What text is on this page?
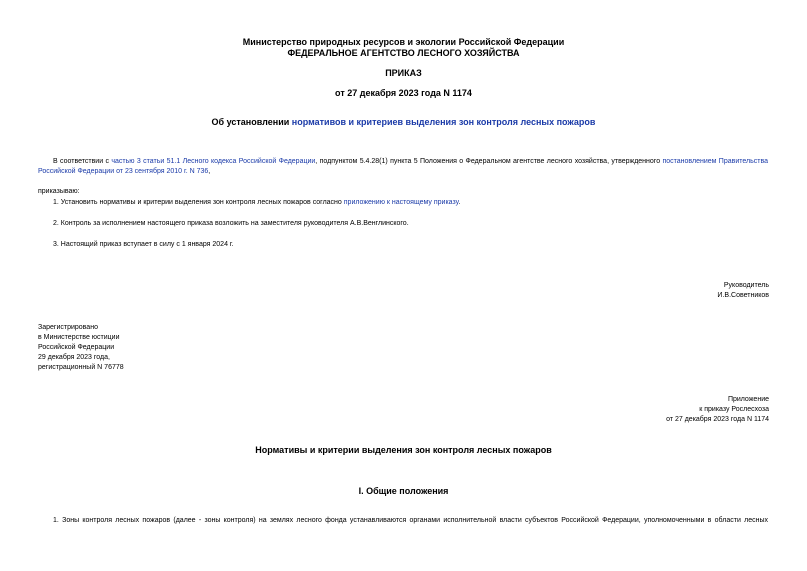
Министерство природных ресурсов и экологии Российской Федерации
ФЕДЕРАЛЬНОЕ АГЕНТСТВО ЛЕСНОГО ХОЗЯЙСТВА
ПРИКАЗ
от 27 декабря 2023 года N 1174
Об установлении нормативов и критериев выделения зон контроля лесных пожаров
В соответствии с частью 3 статьи 51.1 Лесного кодекса Российской Федерации, подпунктом 5.4.28(1) пункта 5 Положения о Федеральном агентстве лесного хозяйства, утвержденного постановлением Правительства Российской Федерации от 23 сентября 2010 г. N 736,
приказываю:
1. Установить нормативы и критерии выделения зон контроля лесных пожаров согласно приложению к настоящему приказу.
2. Контроль за исполнением настоящего приказа возложить на заместителя руководителя А.В.Венглинского.
3. Настоящий приказ вступает в силу с 1 января 2024 г.
Руководитель
И.В.Советников
Зарегистрировано
в Министерстве юстиции
Российской Федерации
29 декабря 2023 года,
регистрационный N 76778
Приложение
к приказу Рослесхоза
от 27 декабря 2023 года N 1174
Нормативы и критерии выделения зон контроля лесных пожаров
I. Общие положения
1. Зоны контроля лесных пожаров (далее - зоны контроля) на землях лесного фонда устанавливаются органами исполнительной власти субъектов Российской Федерации, уполномоченными в области лесных
